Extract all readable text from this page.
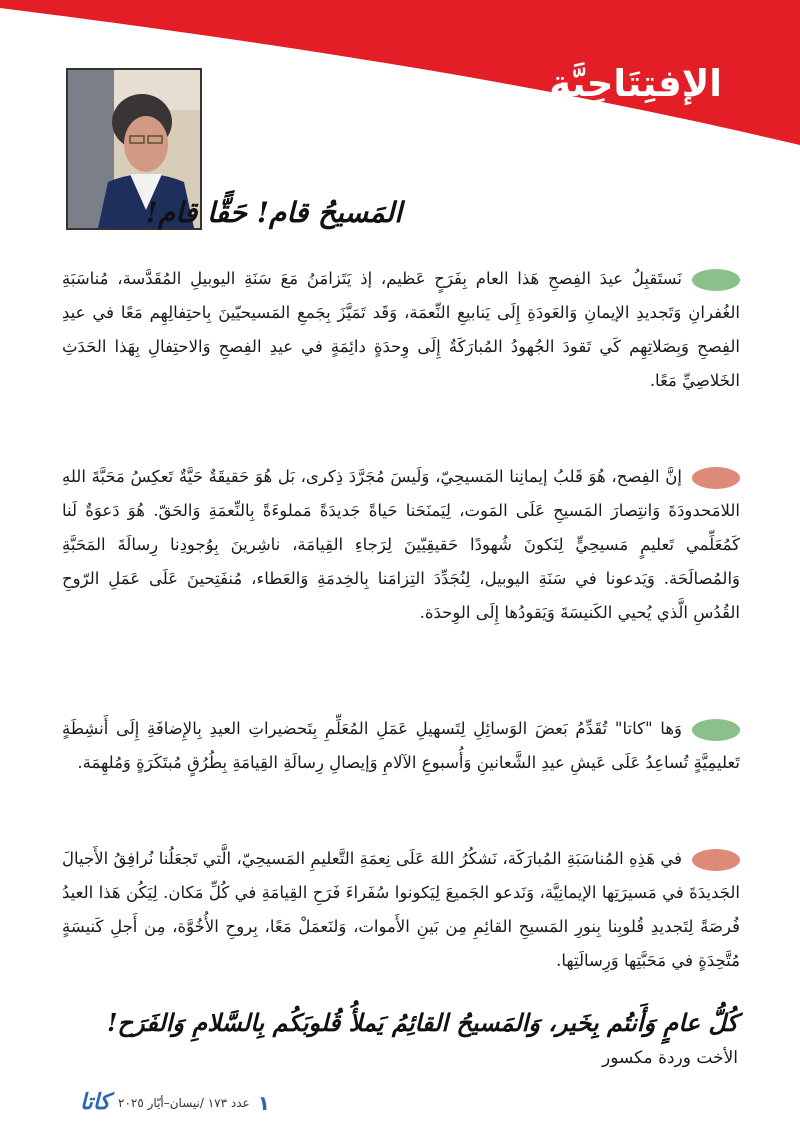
الإفتِتَاحِيَّة
المَسيحُ قام! حَقًّا قام!

نَستَقبِلُ عيدَ الفِصحِ هَذا العام بِفَرَحٍ عَظيم، إذ يَتَزامَنُ مَعَ سَنَةِ اليوبيلِ المُقَدَّسة، مُناسَبَةِ الغُفرانِ وَتَجديدِ الإيمانِ وَالعَودَةِ إِلَى يَنابيعِ النِّعمَة، وَقَد تَمَيَّزَ بِجَمعِ المَسيحيّينَ بِاحتِفالِهِم مَعًا في عيدِ الفِصحِ وَبِصَلاتِهِم كَي تَقودَ الجُهودُ المُبارَكَةُ إِلَى وِحدَةٍ دائِمَةٍ في عيدِ الفِصحِ وَالاحتِفالِ بِهَذا الحَدَثِ الخَلاصِيِّ مَعًا.

إنَّ الفِصح، هُوَ قَلبُ إيمانِنا المَسيحِيّ، وَلَيسَ مُجَرَّدَ ذِكرى، بَل هُوَ حَقيقَةٌ حَيَّةٌ تَعكِسُ مَحَبَّةَ اللهِ اللامَحدودَةَ وَانتِصارَ المَسيحِ عَلَى المَوت، لِيَمنَحَنا حَياةً جَديدَةً مَملوءَةً بِالنِّعمَةِ وَالحَقّ. هُوَ دَعوَةٌ لَنا كَمُعَلِّمي تَعليمٍ مَسيحِيٍّ لِنَكونَ شُهودًا حَقيقِيّينَ لِرَجاءِ القِيامَة، ناشِرينَ بِوُجودِنا رِسالَةَ المَحَبَّةِ وَالمُصالَحَة. وَيَدعونا في سَنَةِ اليوبيل، لِنُجَدِّدَ التِزامَنا بِالخِدمَةِ وَالعَطاء، مُنفَتِحينَ عَلَى عَمَلِ الرّوحِ القُدُسِ الَّذي يُحيي الكَنيسَةَ وَيَقودُها إِلَى الوِحدَة.

وَها "كاتا" تُقَدِّمُ بَعضَ الوَسائِلِ لِتَسهيلِ عَمَلِ المُعَلِّمِ بِتَحضيراتِ العيدِ بِالإِضافَةِ إِلَى أَنشِطَةٍ تَعليمِيَّةٍ تُساعِدُ عَلَى عَيشِ عيدِ الشَّعانينِ وَأُسبوعِ الآلامِ وَإيصالِ رِسالَةِ القِيامَةِ بِطُرُقٍ مُبتَكَرَةٍ وَمُلهِمَة.

في هَذِهِ المُناسَبَةِ المُبارَكَة، نَشكُرُ اللهَ عَلَى نِعمَةِ التَّعليمِ المَسيحِيّ، الَّتي تَجعَلُنا نُرافِقُ الأَجيالَ الجَديدَةَ في مَسيرَتِها الإيمانِيَّة، وَنَدعو الجَميعَ لِيَكونوا سُفَراءَ فَرَحِ القِيامَةِ في كُلِّ مَكان. لِيَكُن هَذا العيدُ فُرصَةً لِتَجديدِ قُلوبِنا بِنورِ المَسيحِ القائِمِ مِن بَينِ الأَموات، وَلنَعمَلْ مَعًا، بِروحِ الأُخُوَّة، مِن أَجلِ كَنيسَةٍ مُتَّحِدَةٍ في مَحَبَّتِها وَرِسالَتِها.

كُلُّ عامٍ وَأَنتُم بِخَير، وَالمَسيحُ القائِمُ يَملأُ قُلوبَكُم بِالسَّلامِ وَالفَرَح!
الأخت وردة مكسور
١
عدد ١٧٣ /نيسان–أيّار ٢٠٢٥
كاتا
